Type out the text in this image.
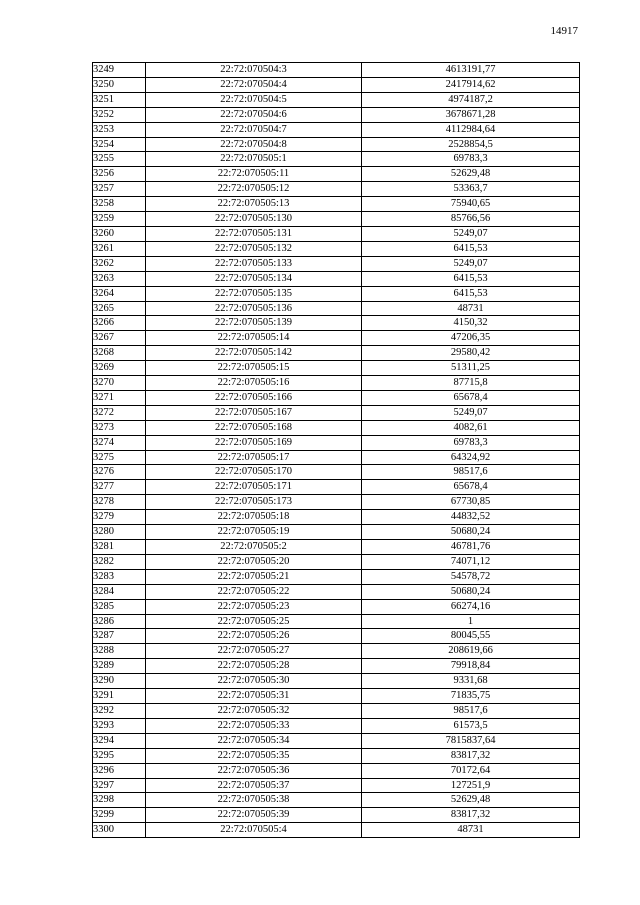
14917
3249	22:72:070504:3	4613191,77
3250	22:72:070504:4	2417914,62
3251	22:72:070504:5	4974187,2
3252	22:72:070504:6	3678671,28
3253	22:72:070504:7	4112984,64
3254	22:72:070504:8	2528854,5
3255	22:72:070505:1	69783,3
3256	22:72:070505:11	52629,48
3257	22:72:070505:12	53363,7
3258	22:72:070505:13	75940,65
3259	22:72:070505:130	85766,56
3260	22:72:070505:131	5249,07
3261	22:72:070505:132	6415,53
3262	22:72:070505:133	5249,07
3263	22:72:070505:134	6415,53
3264	22:72:070505:135	6415,53
3265	22:72:070505:136	48731
3266	22:72:070505:139	4150,32
3267	22:72:070505:14	47206,35
3268	22:72:070505:142	29580,42
3269	22:72:070505:15	51311,25
3270	22:72:070505:16	87715,8
3271	22:72:070505:166	65678,4
3272	22:72:070505:167	5249,07
3273	22:72:070505:168	4082,61
3274	22:72:070505:169	69783,3
3275	22:72:070505:17	64324,92
3276	22:72:070505:170	98517,6
3277	22:72:070505:171	65678,4
3278	22:72:070505:173	67730,85
3279	22:72:070505:18	44832,52
3280	22:72:070505:19	50680,24
3281	22:72:070505:2	46781,76
3282	22:72:070505:20	74071,12
3283	22:72:070505:21	54578,72
3284	22:72:070505:22	50680,24
3285	22:72:070505:23	66274,16
3286	22:72:070505:25	1
3287	22:72:070505:26	80045,55
3288	22:72:070505:27	208619,66
3289	22:72:070505:28	79918,84
3290	22:72:070505:30	9331,68
3291	22:72:070505:31	71835,75
3292	22:72:070505:32	98517,6
3293	22:72:070505:33	61573,5
3294	22:72:070505:34	7815837,64
3295	22:72:070505:35	83817,32
3296	22:72:070505:36	70172,64
3297	22:72:070505:37	127251,9
3298	22:72:070505:38	52629,48
3299	22:72:070505:39	83817,32
3300	22:72:070505:4	48731
